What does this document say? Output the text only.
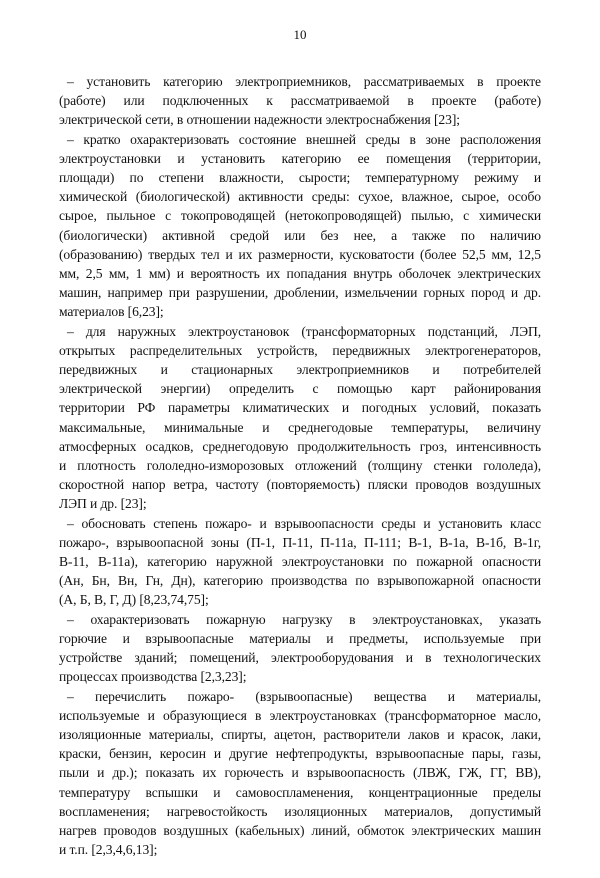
10

– установить категорию электроприемников, рассматриваемых в проекте
(работе) или подключенных к рассматриваемой в проекте (работе)
электрической сети, в отношении надежности электроснабжения [23];

– кратко охарактеризовать состояние внешней среды в зоне расположения
электроустановки и установить категорию ее помещения (территории,
площади) по степени влажности, сырости; температурному режиму и
химической (биологической) активности среды: сухое, влажное, сырое, особо
сырое, пыльное с токопроводящей (нетокопроводящей) пылью, с химически
(биологически) активной средой или без нее, а также по наличию
(образованию) твердых тел и их размерности, кусковатости (более 52,5 мм, 12,5
мм, 2,5 мм, 1 мм) и вероятность их попадания внутрь оболочек электрических
машин, например при разрушении, дроблении, измельчении горных пород и др.
материалов [6,23];

– для наружных электроустановок (трансформаторных подстанций, ЛЭП,
открытых распределительных устройств, передвижных электрогенераторов,
передвижных и стационарных электроприемников и потребителей
электрической энергии) определить с помощью карт районирования
территории РФ параметры климатических и погодных условий, показать
максимальные, минимальные и среднегодовые температуры, величину
атмосферных осадков, среднегодовую продолжительность гроз, интенсивность
и плотность гололедно-изморозовых отложений (толщину стенки гололеда),
скоростной напор ветра, частоту (повторяемость) пляски проводов воздушных
ЛЭП и др. [23];

– обосновать степень пожаро- и взрывоопасности среды и установить класс
пожаро-, взрывоопасной зоны (П-1, П-11, П-11а, П-111; В-1, В-1а, В-1б, В-1г,
В-11, В-11а), категорию наружной электроустановки по пожарной опасности
(Ан, Бн, Вн, Гн, Дн), категорию производства по взрывопожарной опасности
(А, Б, В, Г, Д) [8,23,74,75];

– охарактеризовать пожарную нагрузку в электроустановках, указать
горючие и взрывоопасные материалы и предметы, используемые при
устройстве зданий; помещений, электрооборудования и в технологических
процессах производства [2,3,23];

– перечислить пожаро- (взрывоопасные) вещества и материалы,
используемые и образующиеся в электроустановках (трансформаторное масло,
изоляционные материалы, спирты, ацетон, растворители лаков и красок, лаки,
краски, бензин, керосин и другие нефтепродукты, взрывоопасные пары, газы,
пыли и др.); показать их горючесть и взрывоопасность (ЛВЖ, ГЖ, ГГ, ВВ),
температуру вспышки и самовоспламенения, концентрационные пределы
воспламенения; нагревостойкость изоляционных материалов, допустимый
нагрев проводов воздушных (кабельных) линий, обмоток электрических машин
и т.п. [2,3,4,6,13];
